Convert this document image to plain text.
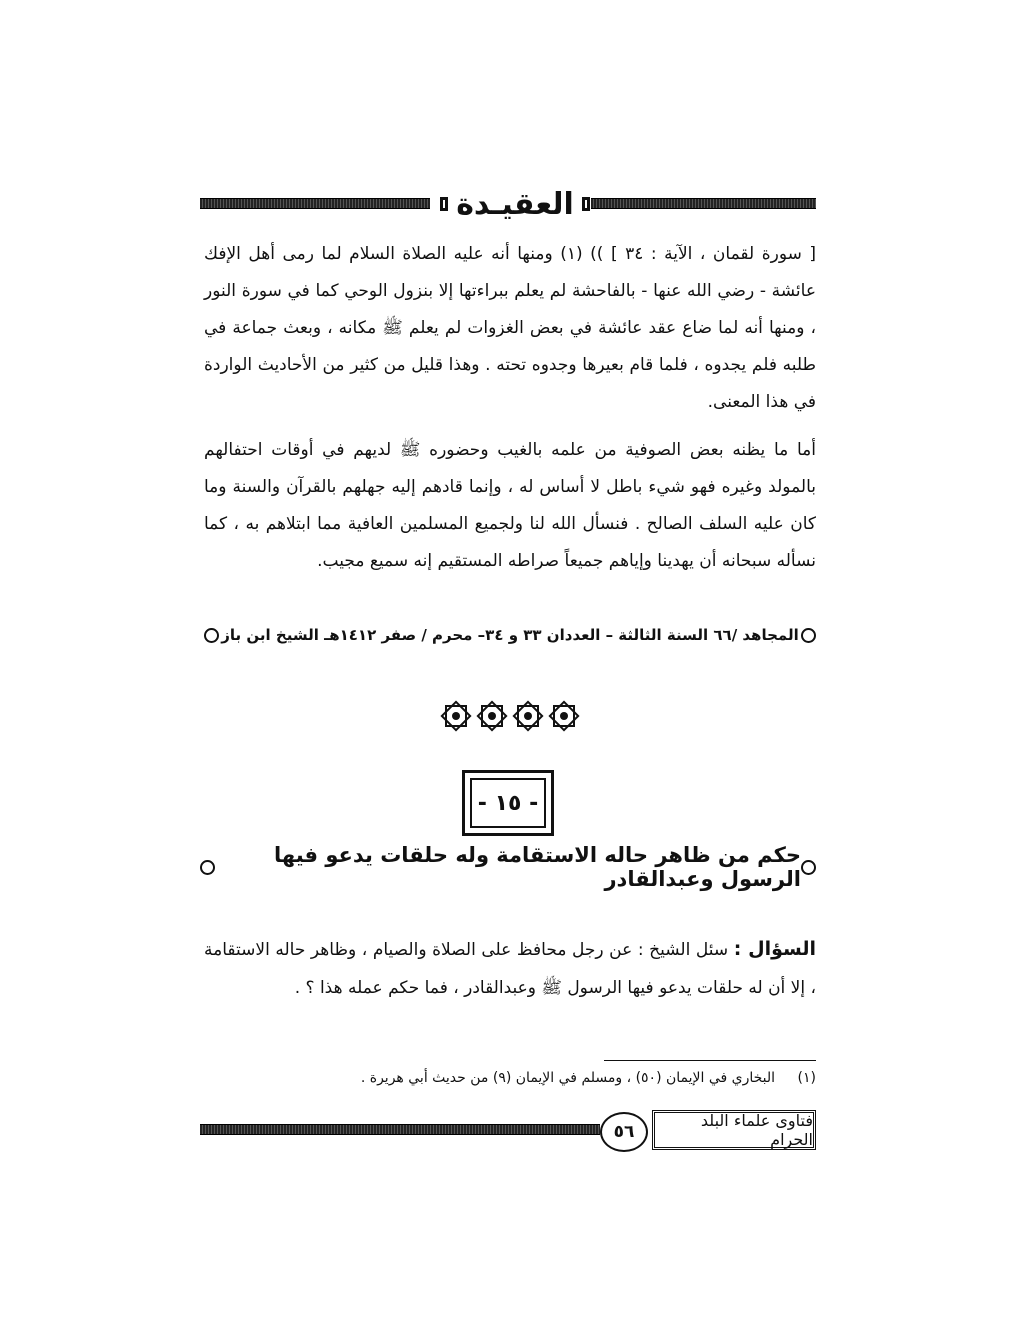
العقيـدة
[ سورة لقمان ، الآية : ٣٤ ] )) (١) ومنها أنه عليه الصلاة السلام لما رمى أهل الإفك عائشة - رضي الله عنها - بالفاحشة لم يعلم ببراءتها إلا بنزول الوحي كما في سورة النور ، ومنها أنه لما ضاع عقد عائشة في بعض الغزوات لم يعلم ﷺ مكانه ، وبعث جماعة في طلبه فلم يجدوه ، فلما قام بعيرها وجدوه تحته . وهذا قليل من كثير من الأحاديث الواردة في هذا المعنى.
أما ما يظنه بعض الصوفية من علمه بالغيب وحضوره ﷺ لديهم في أوقات احتفالهم بالمولد وغيره فهو شيء باطل لا أساس له ، وإنما قادهم إليه جهلهم بالقرآن والسنة وما كان عليه السلف الصالح . فنسأل الله لنا ولجميع المسلمين العافية مما ابتلاهم به ، كما نسأله سبحانه أن يهدينا وإياهم جميعاً صراطه المستقيم إنه سميع مجيب.
المجاهد /٦٦ السنة الثالثة – العددان ٣٣ و ٣٤– محرم / صفر ١٤١٢هـ الشيخ ابن باز
- ١٥ -
حكم من ظاهر حاله الاستقامة وله حلقات يدعو فيها الرسول وعبدالقادر
السؤال : سئل الشيخ : عن رجل محافظ على الصلاة والصيام ، وظاهر حاله الاستقامة ، إلا أن له حلقات يدعو فيها الرسول ﷺ وعبدالقادر ، فما حكم عمله هذا ؟ .
(١) البخاري في الإيمان (٥٠) ، ومسلم في الإيمان (٩) من حديث أبي هريرة .
٥٦
فتاوى علماء البلد الحرام
